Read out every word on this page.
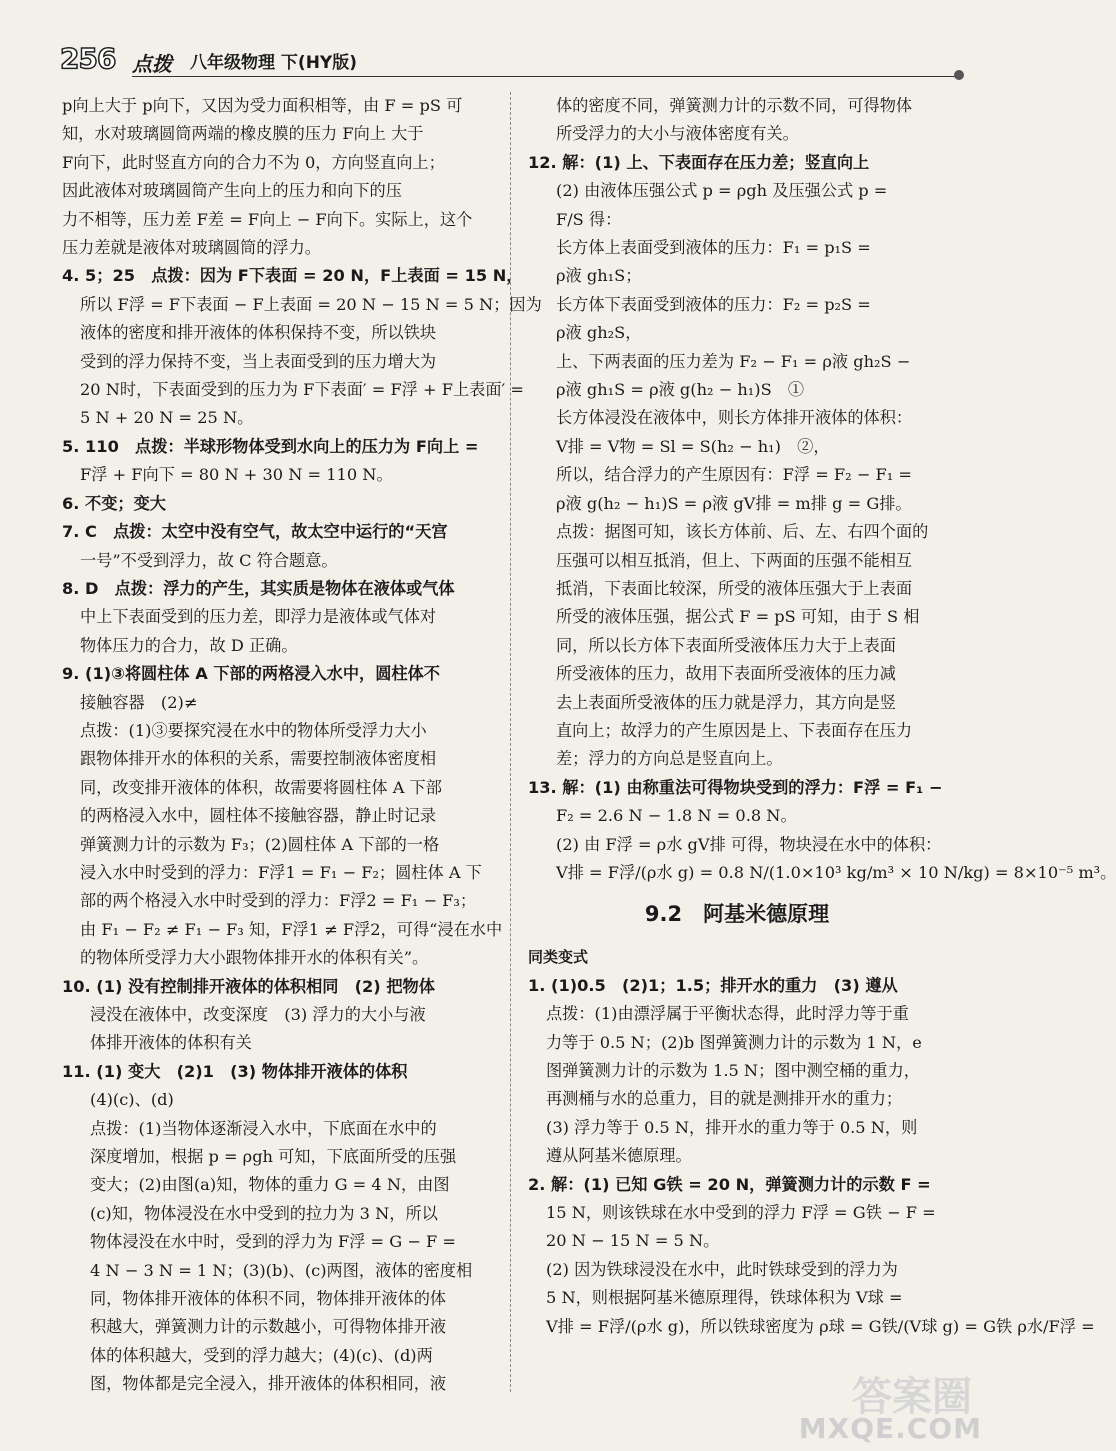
256 点拨 八年级物理 下(HY版)
p向上大于 p向下，又因为受力面积相等，由 F = pS 可
知，水对玻璃圆筒两端的橡皮膜的压力 F向上 大于
F向下，此时竖直方向的合力不为 0，方向竖直向上；
因此液体对玻璃圆筒产生向上的压力和向下的压
力不相等，压力差 F差 = F向上 − F向下。实际上，这个
压力差就是液体对玻璃圆筒的浮力。
4. 5；25　点拨：因为 F下表面 = 20 N，F上表面 = 15 N，
所以 F浮 = F下表面 − F上表面 = 20 N − 15 N = 5 N；因为
液体的密度和排开液体的体积保持不变，所以铁块
受到的浮力保持不变，当上表面受到的压力增大为
20 N时，下表面受到的压力为 F下表面′ = F浮 + F上表面′ =
5 N + 20 N = 25 N。
5. 110　点拨：半球形物体受到水向上的压力为 F向上 =
F浮 + F向下 = 80 N + 30 N = 110 N。
6. 不变；变大
7. C　点拨：太空中没有空气，故太空中运行的“天宫
一号”不受到浮力，故 C 符合题意。
8. D　点拨：浮力的产生，其实质是物体在液体或气体
中上下表面受到的压力差，即浮力是液体或气体对
物体压力的合力，故 D 正确。
9. (1)③将圆柱体 A 下部的两格浸入水中，圆柱体不
接触容器　(2)≠
点拨：(1)③要探究浸在水中的物体所受浮力大小
跟物体排开水的体积的关系，需要控制液体密度相
同，改变排开液体的体积，故需要将圆柱体 A 下部
的两格浸入水中，圆柱体不接触容器，静止时记录
弹簧测力计的示数为 F₃；(2)圆柱体 A 下部的一格
浸入水中时受到的浮力：F浮1 = F₁ − F₂；圆柱体 A 下
部的两个格浸入水中时受到的浮力：F浮2 = F₁ − F₃；
由 F₁ − F₂ ≠ F₁ − F₃ 知，F浮1 ≠ F浮2，可得“浸在水中
的物体所受浮力大小跟物体排开水的体积有关”。
10. (1) 没有控制排开液体的体积相同　(2) 把物体
浸没在液体中，改变深度　(3) 浮力的大小与液
体排开液体的体积有关
11. (1) 变大　(2)1　(3) 物体排开液体的体积
(4)(c)、(d)
点拨：(1)当物体逐渐浸入水中，下底面在水中的
深度增加，根据 p = ρgh 可知，下底面所受的压强
变大；(2)由图(a)知，物体的重力 G = 4 N，由图
(c)知，物体浸没在水中受到的拉力为 3 N，所以
物体浸没在水中时，受到的浮力为 F浮 = G − F =
4 N − 3 N = 1 N；(3)(b)、(c)两图，液体的密度相
同，物体排开液体的体积不同，物体排开液体的体
积越大，弹簧测力计的示数越小，可得物体排开液
体的体积越大，受到的浮力越大；(4)(c)、(d)两
图，物体都是完全浸入，排开液体的体积相同，液
体的密度不同，弹簧测力计的示数不同，可得物体
所受浮力的大小与液体密度有关。
12. 解：(1) 上、下表面存在压力差；竖直向上
(2) 由液体压强公式 p = ρgh 及压强公式 p =
F/S 得：
长方体上表面受到液体的压力：F₁ = p₁S =
ρ液 gh₁S；
长方体下表面受到液体的压力：F₂ = p₂S =
ρ液 gh₂S，
上、下两表面的压力差为 F₂ − F₁ = ρ液 gh₂S −
ρ液 gh₁S = ρ液 g(h₂ − h₁)S　①
长方体浸没在液体中，则长方体排开液体的体积：
V排 = V物 = Sl = S(h₂ − h₁)　②，
所以，结合浮力的产生原因有：F浮 = F₂ − F₁ =
ρ液 g(h₂ − h₁)S = ρ液 gV排 = m排 g = G排。
点拨：据图可知，该长方体前、后、左、右四个面的
压强可以相互抵消，但上、下两面的压强不能相互
抵消，下表面比较深，所受的液体压强大于上表面
所受的液体压强，据公式 F = pS 可知，由于 S 相
同，所以长方体下表面所受液体压力大于上表面
所受液体的压力，故用下表面所受液体的压力减
去上表面所受液体的压力就是浮力，其方向是竖
直向上；故浮力的产生原因是上、下表面存在压力
差；浮力的方向总是竖直向上。
13. 解：(1) 由称重法可得物块受到的浮力：F浮 = F₁ −
F₂ = 2.6 N − 1.8 N = 0.8 N。
(2) 由 F浮 = ρ水 gV排 可得，物块浸在水中的体积：
V排 = F浮/(ρ水 g) = 0.8 N/(1.0×10³ kg/m³ × 10 N/kg) = 8×10⁻⁵ m³。
9.2　阿基米德原理
同类变式
1. (1)0.5　(2)1；1.5；排开水的重力　(3) 遵从
点拨：(1)由漂浮属于平衡状态得，此时浮力等于重
力等于 0.5 N；(2)b 图弹簧测力计的示数为 1 N，e
图弹簧测力计的示数为 1.5 N；图中测空桶的重力，
再测桶与水的总重力，目的就是测排开水的重力；
(3) 浮力等于 0.5 N，排开水的重力等于 0.5 N，则
遵从阿基米德原理。
2. 解：(1) 已知 G铁 = 20 N，弹簧测力计的示数 F =
15 N，则该铁球在水中受到的浮力 F浮 = G铁 − F =
20 N − 15 N = 5 N。
(2) 因为铁球浸没在水中，此时铁球受到的浮力为
5 N，则根据阿基米德原理得，铁球体积为 V球 =
V排 = F浮/(ρ水 g)，所以铁球密度为 ρ球 = G铁/(V球 g) = G铁 ρ水/F浮 =
答案圈
MXQE.COM
